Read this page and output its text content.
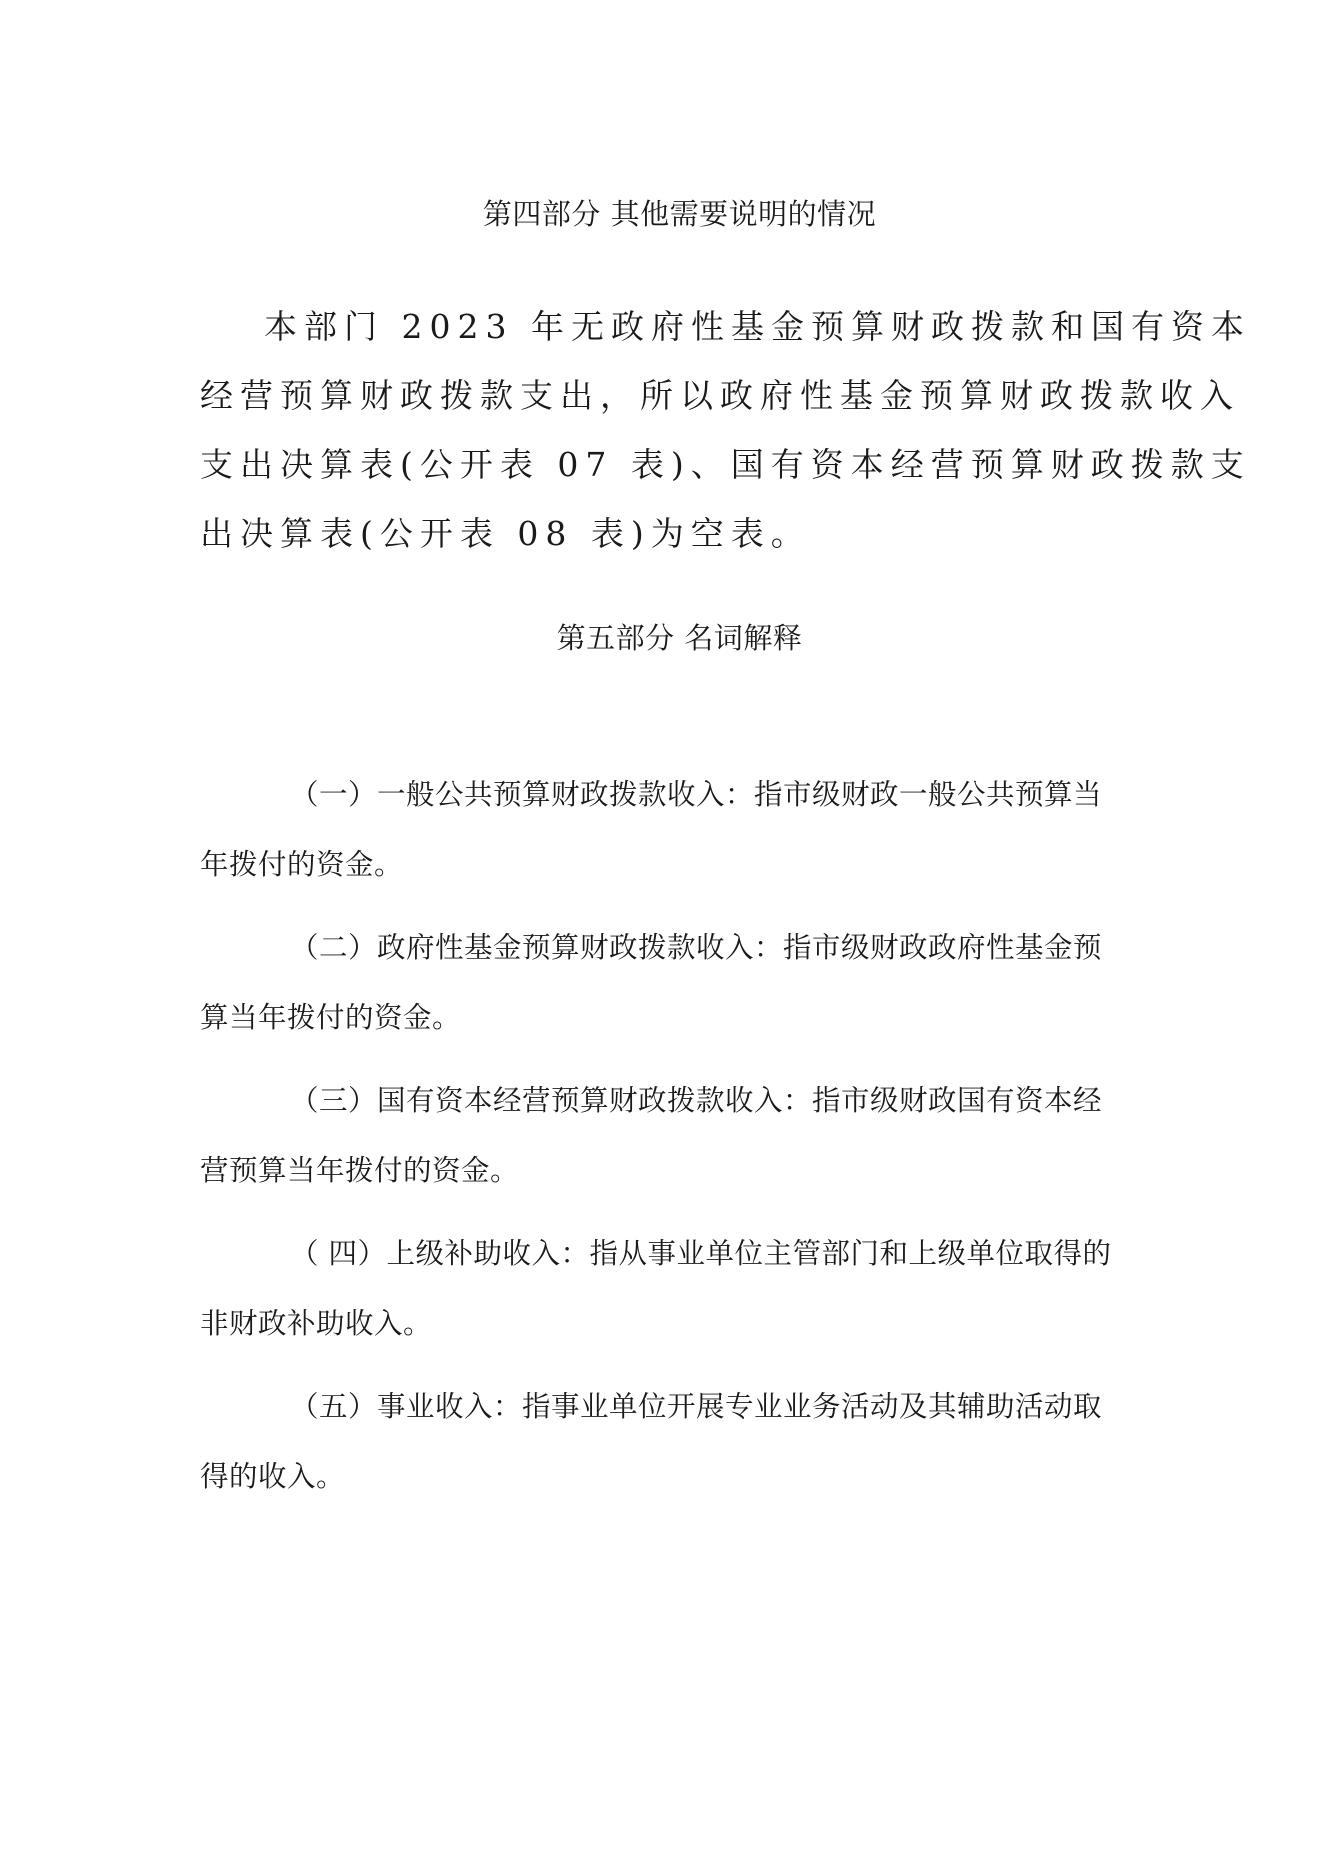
第四部分 其他需要说明的情况
本部门 2023 年无政府性基金预算财政拨款和国有资本
经营预算财政拨款支出，所以政府性基金预算财政拨款收入
支出决算表(公开表 07 表)、国有资本经营预算财政拨款支
出决算表(公开表 08 表)为空表。
第五部分 名词解释
（一）一般公共预算财政拨款收入：指市级财政一般公共预算当
年拨付的资金。
（二）政府性基金预算财政拨款收入：指市级财政政府性基金预
算当年拨付的资金。
（三）国有资本经营预算财政拨款收入：指市级财政国有资本经
营预算当年拨付的资金。
（ 四）上级补助收入：指从事业单位主管部门和上级单位取得的
非财政补助收入。
（五）事业收入：指事业单位开展专业业务活动及其辅助活动取
得的收入。
